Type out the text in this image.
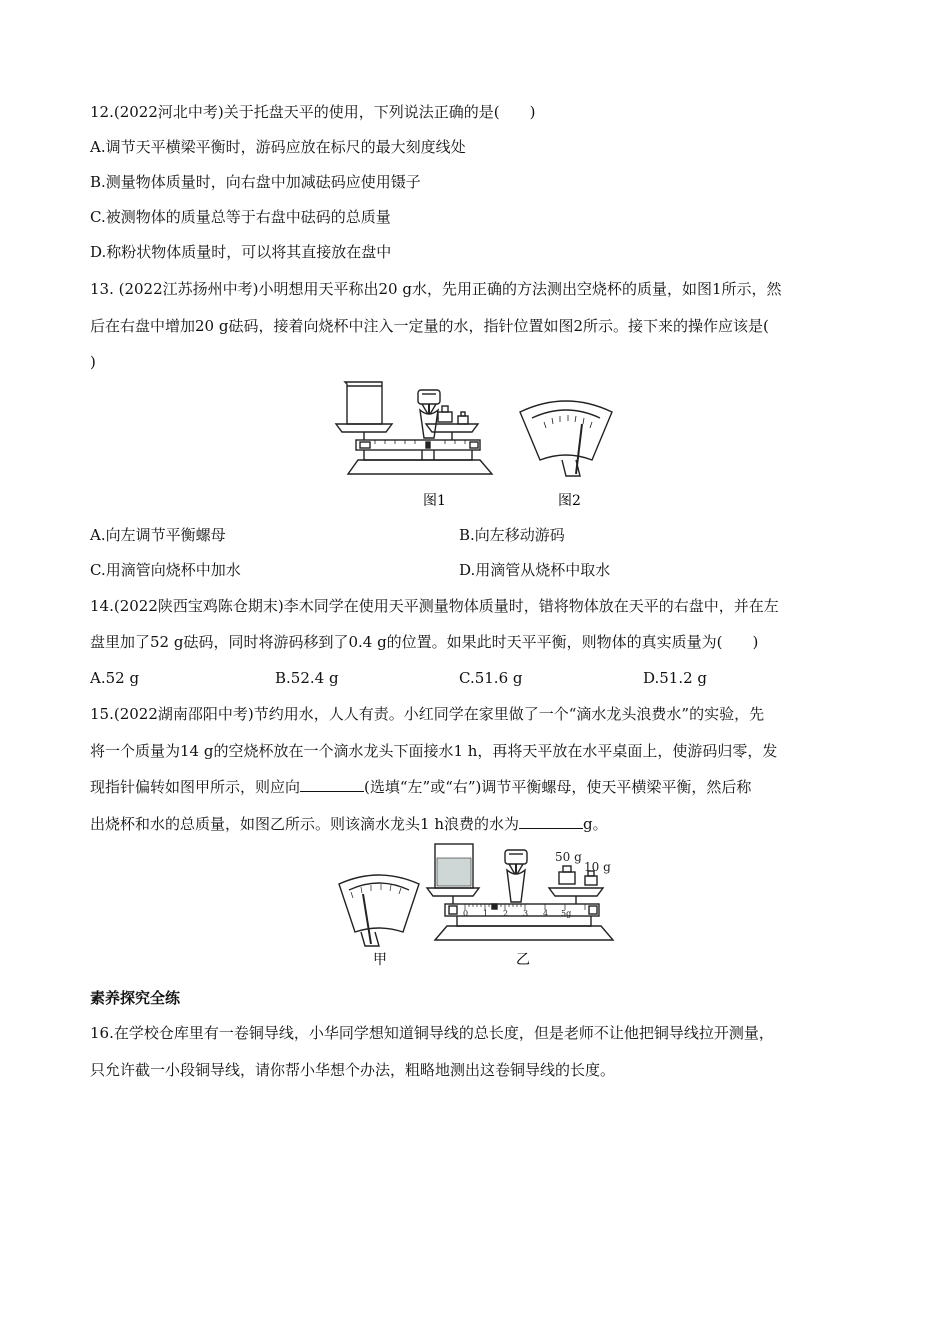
12.(2022河北中考)关于托盘天平的使用，下列说法正确的是(　　)
A.调节天平横梁平衡时，游码应放在标尺的最大刻度线处
B.测量物体质量时，向右盘中加减砝码应使用镊子
C.被测物体的质量总等于右盘中砝码的总质量
D.称粉状物体质量时，可以将其直接放在盘中
13. (2022江苏扬州中考)小明想用天平称出20 g水，先用正确的方法测出空烧杯的质量，如图1所示，然
后在右盘中增加20 g砝码，接着向烧杯中注入一定量的水，指针位置如图2所示。接下来的操作应该是(
)
图1	图2
A.向左调节平衡螺母	B.向左移动游码
C.用滴管向烧杯中加水	D.用滴管从烧杯中取水
14.(2022陕西宝鸡陈仓期末)李木同学在使用天平测量物体质量时，错将物体放在天平的右盘中，并在左
盘里加了52 g砝码，同时将游码移到了0.4 g的位置。如果此时天平平衡，则物体的真实质量为(　　)
A.52 g	B.52.4 g	C.51.6 g	D.51.2 g
15.(2022湖南邵阳中考)节约用水，人人有责。小红同学在家里做了一个“滴水龙头浪费水”的实验，先
将一个质量为14 g的空烧杯放在一个滴水龙头下面接水1 h，再将天平放在水平桌面上，使游码归零，发
现指针偏转如图甲所示，则应向	(选填“左”或“右”)调节平衡螺母，使天平横梁平衡，然后称
出烧杯和水的总质量，如图乙所示。则该滴水龙头1 h浪费的水为	g。
0 1 2 3 4 5g
50 g
10 g
甲	乙
素养探究全练
16.在学校仓库里有一卷铜导线，小华同学想知道铜导线的总长度，但是老师不让他把铜导线拉开测量，
只允许截一小段铜导线，请你帮小华想个办法，粗略地测出这卷铜导线的长度。
